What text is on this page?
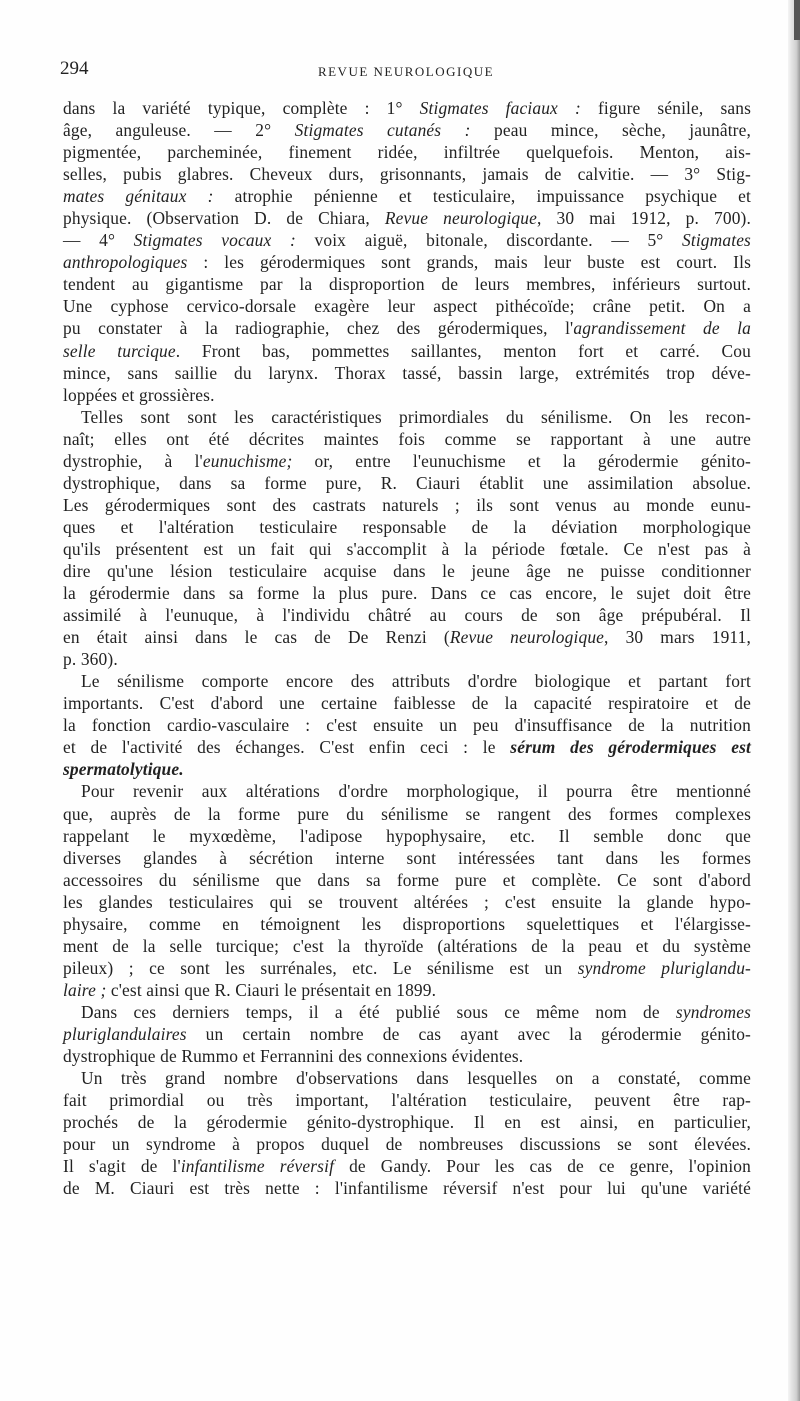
294	REVUE NEUROLOGIQUE

dans la variété typique, complète : 1° Stigmates faciaux : figure sénile, sans
âge, anguleuse. — 2° Stigmates cutanés : peau mince, sèche, jaunâtre,
pigmentée, parcheminée, finement ridée, infiltrée quelquefois. Menton, ais-
selles, pubis glabres. Cheveux durs, grisonnants, jamais de calvitie. — 3° Stig-
mates génitaux : atrophie pénienne et testiculaire, impuissance psychique et
physique. (Observation D. de Chiara, Revue neurologique, 30 mai 1912, p. 700).
— 4° Stigmates vocaux : voix aiguë, bitonale, discordante. — 5° Stigmates
anthropologiques : les gérodermiques sont grands, mais leur buste est court. Ils
tendent au gigantisme par la disproportion de leurs membres, inférieurs surtout.
Une cyphose cervico-dorsale exagère leur aspect pithécoïde; crâne petit. On a
pu constater à la radiographie, chez des gérodermiques, l'agrandissement de la
selle turcique. Front bas, pommettes saillantes, menton fort et carré. Cou
mince, sans saillie du larynx. Thorax tassé, bassin large, extrémités trop déve-
loppées et grossières.

Telles sont sont les caractéristiques primordiales du sénilisme. On les recon-
naît; elles ont été décrites maintes fois comme se rapportant à une autre
dystrophie, à l'eunuchisme; or, entre l'eunuchisme et la gérodermie génito-
dystrophique, dans sa forme pure, R. Ciauri établit une assimilation absolue.
Les gérodermiques sont des castrats naturels ; ils sont venus au monde eunu-
ques et l'altération testiculaire responsable de la déviation morphologique
qu'ils présentent est un fait qui s'accomplit à la période fœtale. Ce n'est pas à
dire qu'une lésion testiculaire acquise dans le jeune âge ne puisse conditionner
la gérodermie dans sa forme la plus pure. Dans ce cas encore, le sujet doit être
assimilé à l'eunuque, à l'individu châtré au cours de son âge prépubéral. Il
en était ainsi dans le cas de De Renzi (Revue neurologique, 30 mars 1911,
p. 360).

Le sénilisme comporte encore des attributs d'ordre biologique et partant fort
importants. C'est d'abord une certaine faiblesse de la capacité respiratoire et de
la fonction cardio-vasculaire : c'est ensuite un peu d'insuffisance de la nutrition
et de l'activité des échanges. C'est enfin ceci : le sérum des gérodermiques est
spermatolytique.

Pour revenir aux altérations d'ordre morphologique, il pourra être mentionné
que, auprès de la forme pure du sénilisme se rangent des formes complexes
rappelant le myxœdème, l'adipose hypophysaire, etc. Il semble donc que
diverses glandes à sécrétion interne sont intéressées tant dans les formes
accessoires du sénilisme que dans sa forme pure et complète. Ce sont d'abord
les glandes testiculaires qui se trouvent altérées ; c'est ensuite la glande hypo-
physaire, comme en témoignent les disproportions squelettiques et l'élargisse-
ment de la selle turcique; c'est la thyroïde (altérations de la peau et du système
pileux) ; ce sont les surrénales, etc. Le sénilisme est un syndrome pluriglandu-
laire ; c'est ainsi que R. Ciauri le présentait en 1899.

Dans ces derniers temps, il a été publié sous ce même nom de syndromes
pluriglandulaires un certain nombre de cas ayant avec la gérodermie génito-
dystrophique de Rummo et Ferrannini des connexions évidentes.

Un très grand nombre d'observations dans lesquelles on a constaté, comme
fait primordial ou très important, l'altération testiculaire, peuvent être rap-
prochés de la gérodermie génito-dystrophique. Il en est ainsi, en particulier,
pour un syndrome à propos duquel de nombreuses discussions se sont élevées.
Il s'agit de l'infantilisme réversif de Gandy. Pour les cas de ce genre, l'opinion
de M. Ciauri est très nette : l'infantilisme réversif n'est pour lui qu'une variété
